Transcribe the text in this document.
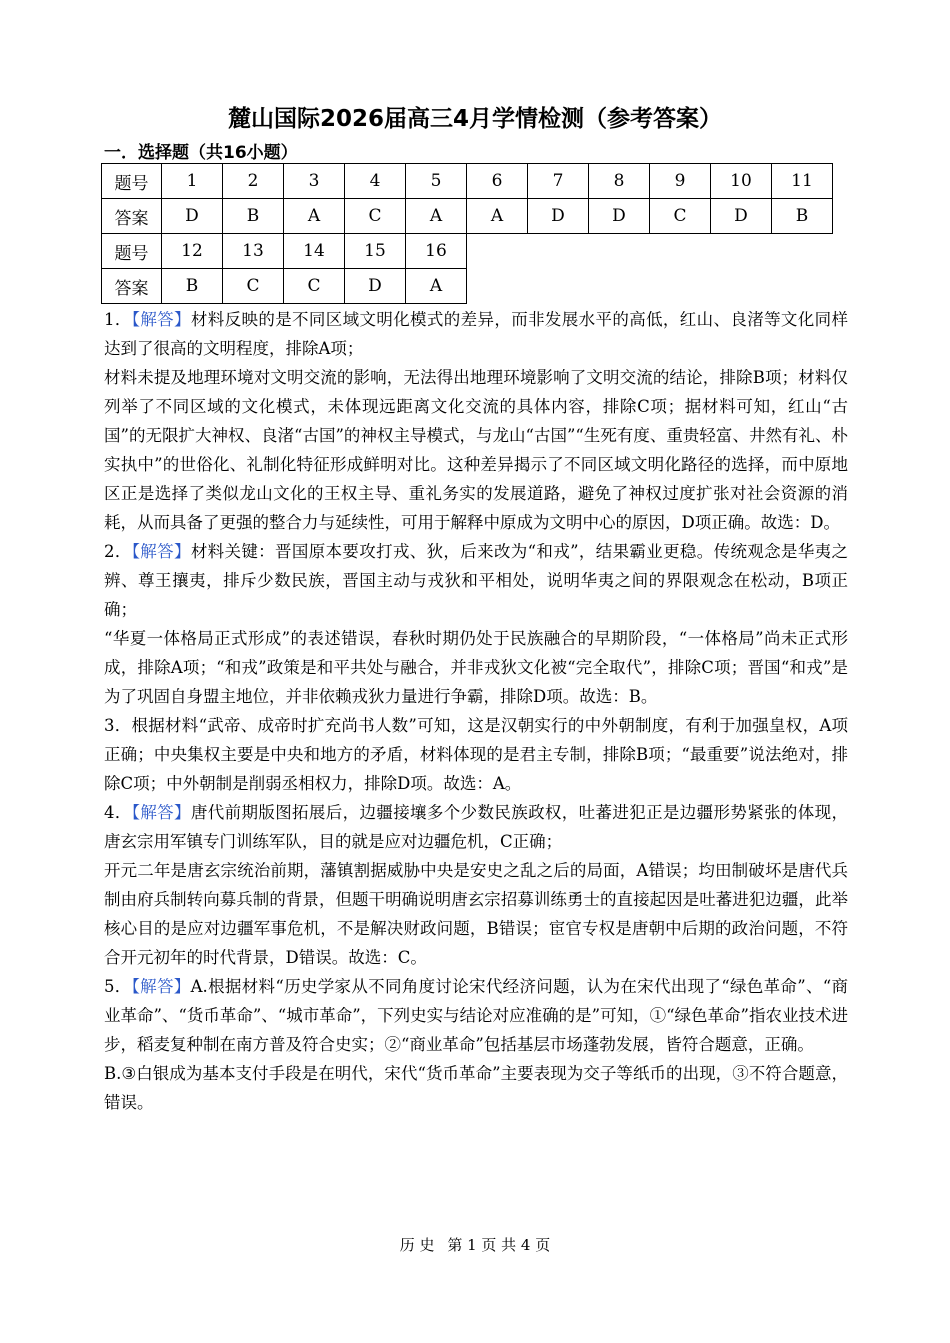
麓山国际2026届高三4月学情检测（参考答案）
一．选择题（共16小题）
题号	1	2	3	4	5	6	7	8	9	10	11
答案	D	B	A	C	A	A	D	D	C	D	B
题号	12	13	14	15	16						
答案	B	C	C	D	A						

1．【解答】材料反映的是不同区域文明化模式的差异，而非发展水平的高低，红山、良渚等文化同样达到了很高的文明程度，排除A项；

材料未提及地理环境对文明交流的影响，无法得出地理环境影响了文明交流的结论，排除B项；材料仅列举了不同区域的文化模式，未体现远距离文化交流的具体内容，排除C项；据材料可知，红山“古国”的无限扩大神权、良渚“古国”的神权主导模式，与龙山“古国”“生死有度、重贵轻富、井然有礼、朴实执中”的世俗化、礼制化特征形成鲜明对比。这种差异揭示了不同区域文明化路径的选择，而中原地区正是选择了类似龙山文化的王权主导、重礼务实的发展道路，避免了神权过度扩张对社会资源的消耗，从而具备了更强的整合力与延续性，可用于解释中原成为文明中心的原因，D项正确。故选：D。

2．【解答】材料关键：晋国原本要攻打戎、狄，后来改为“和戎”，结果霸业更稳。传统观念是华夷之辨、尊王攘夷，排斥少数民族，晋国主动与戎狄和平相处，说明华夷之间的界限观念在松动，B项正确；

“华夏一体格局正式形成”的表述错误，春秋时期仍处于民族融合的早期阶段，“一体格局”尚未正式形成，排除A项；“和戎”政策是和平共处与融合，并非戎狄文化被“完全取代”，排除C项；晋国“和戎”是为了巩固自身盟主地位，并非依赖戎狄力量进行争霸，排除D项。故选：B。

3．根据材料“武帝、成帝时扩充尚书人数”可知，这是汉朝实行的中外朝制度，有利于加强皇权，A项正确；中央集权主要是中央和地方的矛盾，材料体现的是君主专制，排除B项；“最重要”说法绝对，排除C项；中外朝制是削弱丞相权力，排除D项。故选：A。

4．【解答】唐代前期版图拓展后，边疆接壤多个少数民族政权，吐蕃进犯正是边疆形势紧张的体现，唐玄宗用军镇专门训练军队，目的就是应对边疆危机，C正确；

开元二年是唐玄宗统治前期，藩镇割据威胁中央是安史之乱之后的局面，A错误；均田制破坏是唐代兵制由府兵制转向募兵制的背景，但题干明确说明唐玄宗招募训练勇士的直接起因是吐蕃进犯边疆，此举核心目的是应对边疆军事危机，不是解决财政问题，B错误；宦官专权是唐朝中后期的政治问题，不符合开元初年的时代背景，D错误。故选：C。

5．【解答】A.根据材料“历史学家从不同角度讨论宋代经济问题，认为在宋代出现了“绿色革命”、“商业革命”、“货币革命”、“城市革命”，下列史实与结论对应准确的是”可知，①“绿色革命”指农业技术进步，稻麦复种制在南方普及符合史实；②“商业革命”包括基层市场蓬勃发展，皆符合题意，正确。

B.③白银成为基本支付手段是在明代，宋代“货币革命”主要表现为交子等纸币的出现，③不符合题意，错误。

历 史 第 1 页 共 4 页
